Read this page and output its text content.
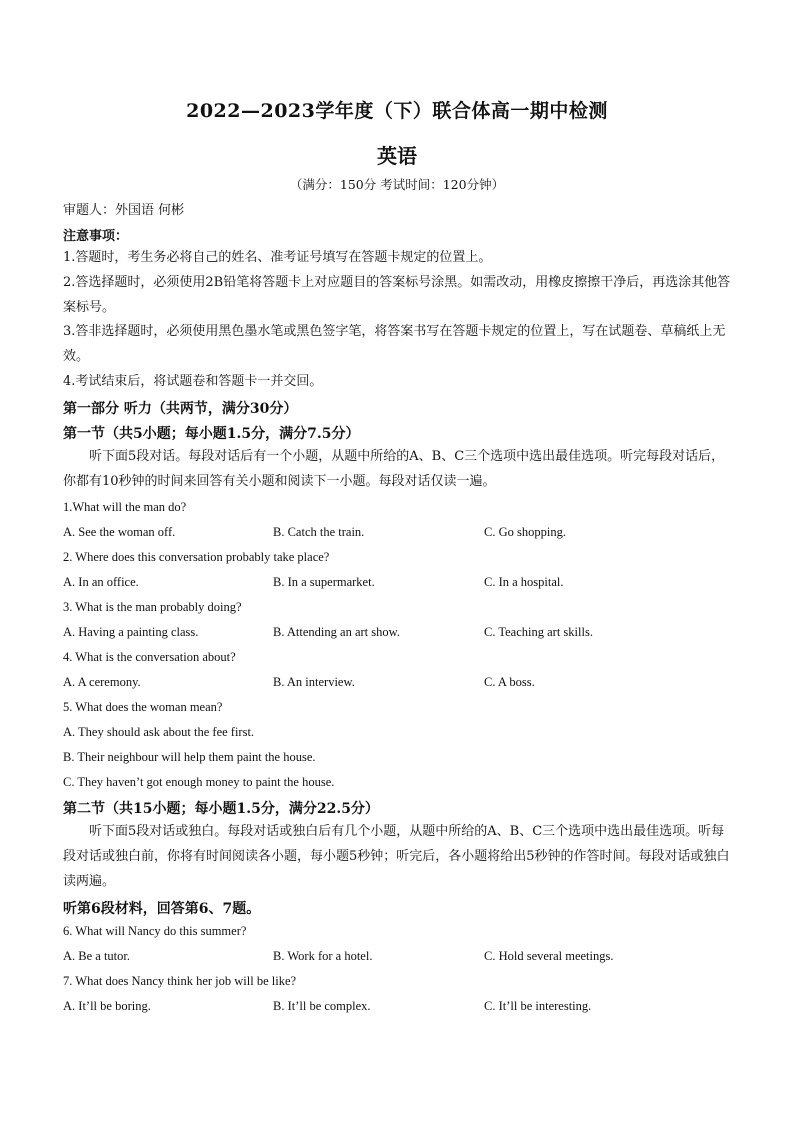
2022—2023学年度（下）联合体高一期中检测
英语
（满分：150分 考试时间：120分钟）
审题人：外国语 何彬
注意事项：
1.答题时，考生务必将自己的姓名、准考证号填写在答题卡规定的位置上。
2.答选择题时，必须使用2B铅笔将答题卡上对应题目的答案标号涂黑。如需改动，用橡皮擦擦干净后，再选涂其他答案标号。
3.答非选择题时，必须使用黑色墨水笔或黑色签字笔，将答案书写在答题卡规定的位置上，写在试题卷、草稿纸上无效。
4.考试结束后，将试题卷和答题卡一并交回。
第一部分 听力（共两节，满分30分）
第一节（共5小题；每小题1.5分，满分7.5分）
听下面5段对话。每段对话后有一个小题，从题中所给的A、B、C三个选项中选出最佳选项。听完每段对话后，你都有10秒钟的时间来回答有关小题和阅读下一小题。每段对话仅读一遍。
1.What will the man do?
A. See the woman off.	B. Catch the train.	C. Go shopping.
2. Where does this conversation probably take place?
A. In an office.	B. In a supermarket.	C. In a hospital.
3. What is the man probably doing?
A. Having a painting class.	B. Attending an art show.	C. Teaching art skills.
4. What is the conversation about?
A. A ceremony.	B. An interview.	C. A boss.
5. What does the woman mean?
A. They should ask about the fee first.
B. Their neighbour will help them paint the house.
C. They haven’t got enough money to paint the house.
第二节（共15小题；每小题1.5分，满分22.5分）
听下面5段对话或独白。每段对话或独白后有几个小题，从题中所给的A、B、C三个选项中选出最佳选项。听每段对话或独白前，你将有时间阅读各小题，每小题5秒钟；听完后，各小题将给出5秒钟的作答时间。每段对话或独白读两遍。
听第6段材料，回答第6、7题。
6. What will Nancy do this summer?
A. Be a tutor.	B. Work for a hotel.	C. Hold several meetings.
7. What does Nancy think her job will be like?
A. It’ll be boring.	B. It’ll be complex.	C. It’ll be interesting.
